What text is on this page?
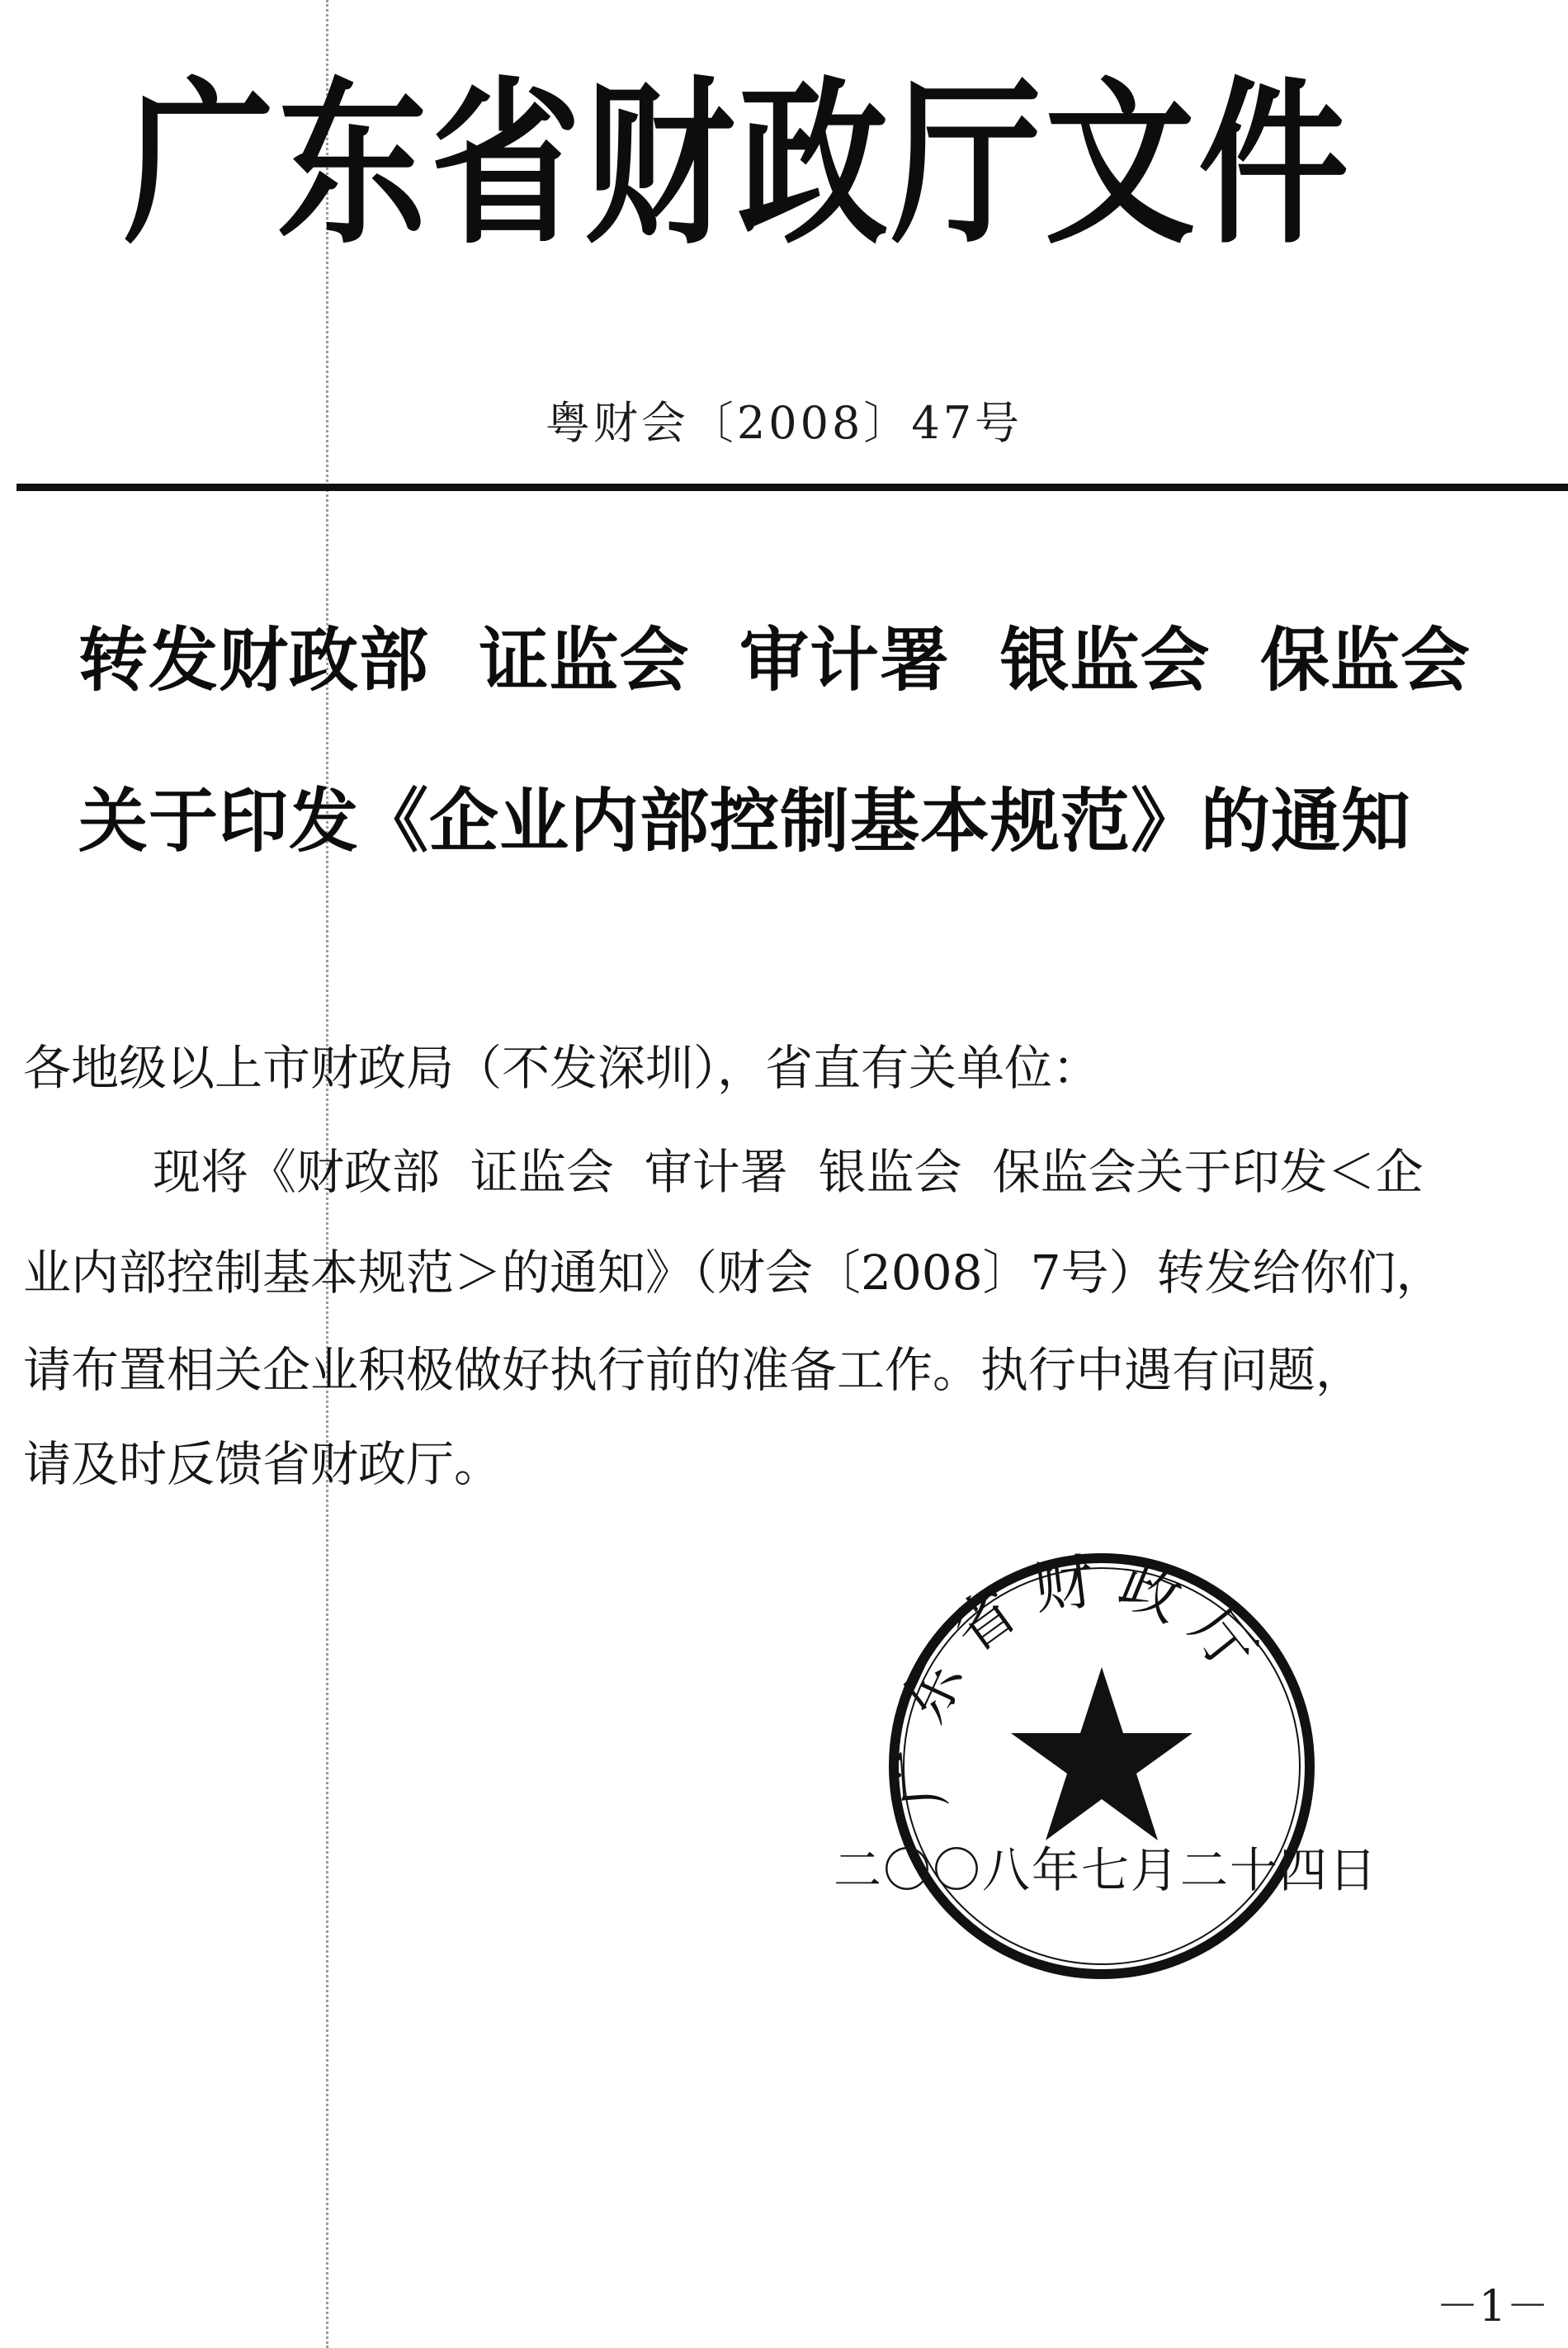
广东省财政厅文件
粤财会〔2008〕47号
转发财政部  证监会  审计署  银监会  保监会
关于印发《企业内部控制基本规范》的通知
各地级以上市财政局（不发深圳），省直有关单位：
现将《财政部  证监会  审计署  银监会  保监会关于印发＜企
业内部控制基本规范＞的通知》（财会〔2008〕7号）转发给你们，
请布置相关企业积极做好执行前的准备工作。执行中遇有问题，
请及时反馈省财政厅。
广东省财政厅
二〇〇八年七月二十四日
－1－
